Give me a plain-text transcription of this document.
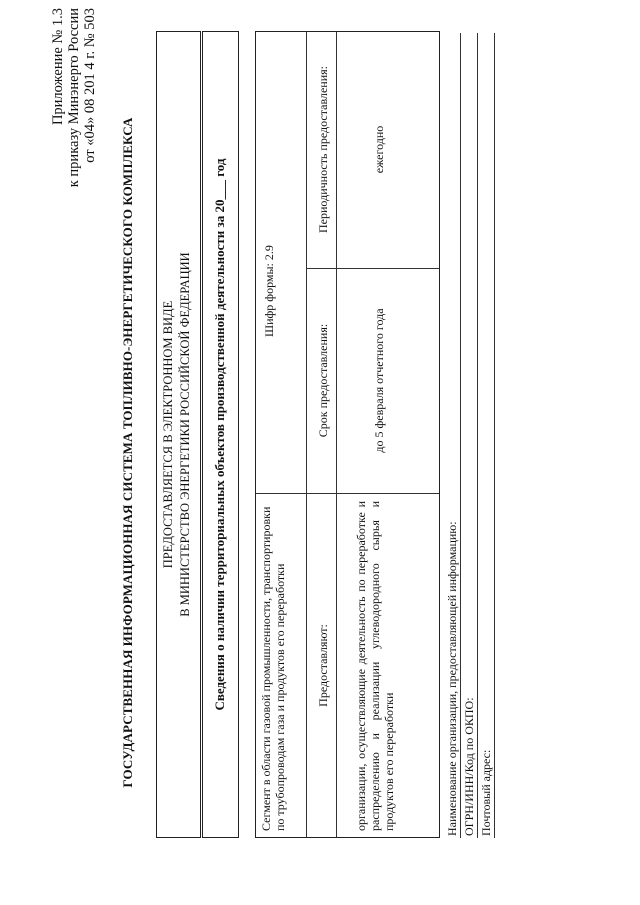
Приложение № 1.3 к приказу Минэнерго России от «04» 08 201 4 г. № 503
ГОСУДАРСТВЕННАЯ ИНФОРМАЦИОННАЯ СИСТЕМА ТОПЛИВНО-ЭНЕРГЕТИЧЕСКОГО КОМПЛЕКСА ПРЕДОСТАВЛЯЕТСЯ В ЭЛЕКТРОННОМ ВИДЕ В МИНИСТЕРСТВО ЭНЕРГЕТИКИ РОССИЙСКОЙ ФЕДЕРАЦИИ Сведения о наличии территориальных объектов производственной деятельности за 20___ год	Сегмент в области газовой промышленности, транспортировки по трубопроводам газа и продуктов его переработки
Шифр формы: 2.9
Предоставляют:
Срок предоставления:
Периодичность предоставления:
организации, осуществляющие деятельность по переработке и распределению и реализации углеводородного сырья и продуктов его переработки
до 5 февраля отчетного года
ежегодно
Наименование организации, предоставляющей информацию: ОГРН/ИНН/Код по ОКПО: Почтовый адрес:
